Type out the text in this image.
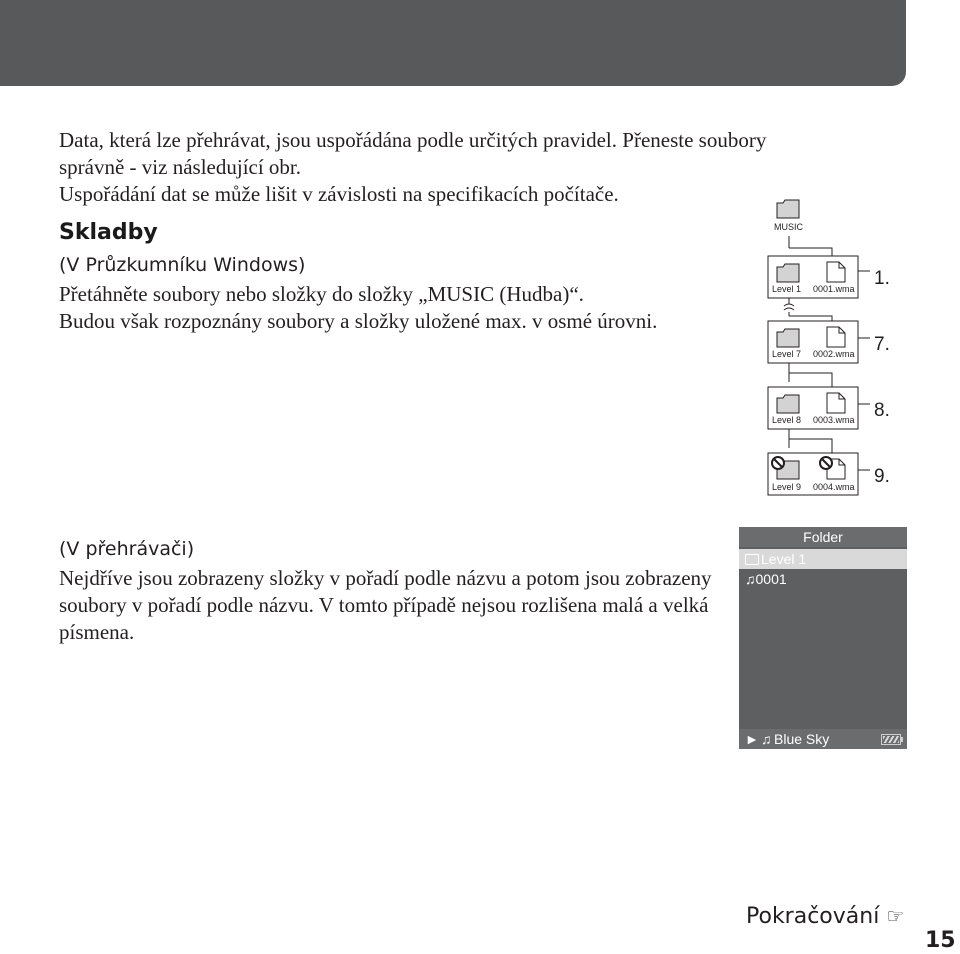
Data, která lze přehrávat, jsou uspořádána podle určitých pravidel. Přeneste soubory
správně - viz následující obr.
Uspořádání dat se může lišit v závislosti na specifikacích počítače.
Skladby
(V Průzkumníku Windows)
Přetáhněte soubory nebo složky do složky „MUSIC (Hudba)“.
Budou však rozpoznány soubory a složky uložené max. v osmé úrovni.
MUSIC
Level 1 0001.wma 1.
Level 7 0002.wma 7.
Level 8 0003.wma 8.
Level 9 0004.wma 9.
(V přehrávači)
Nejdříve jsou zobrazeny složky v pořadí podle názvu a potom jsou zobrazeny
soubory v pořadí podle názvu. V tomto případě nejsou rozlišena malá a velká
písmena.
Folder
Level 1
♫0001
► ♫ Blue Sky
Pokračování ☞
15
